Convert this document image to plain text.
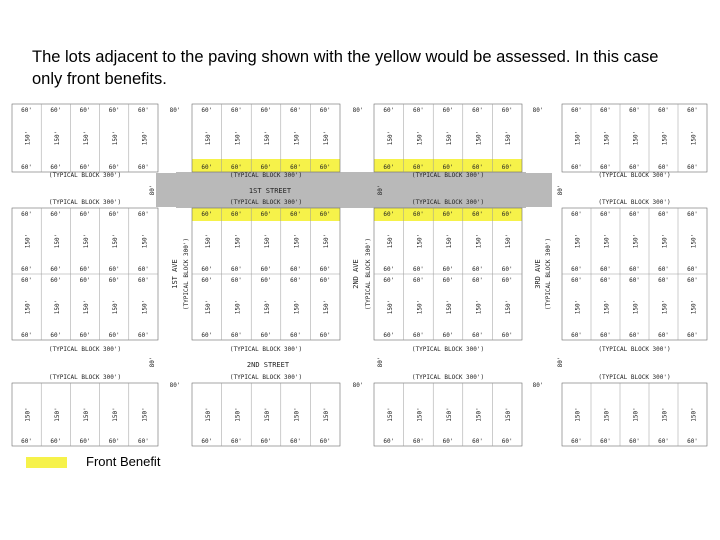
The lots adjacent to the paving shown with the yellow would be assessed. In this case only front benefits.
60'
150'
60'
60'
150'
60'
60'
150'
60'
60'
150'
60'
60'
150'
60'
60'
150'
60'
60'
150'
60'
60'
150'
60'
60'
150'
60'
60'
150'
60'
60'
150'
60'
60'
150'
60'
60'
150'
60'
60'
150'
60'
60'
150'
60'
150'
60'
150'
60'
150'
60'
150'
60'
150'
60'
60'
150'
60'
60'
150'
60'
60'
150'
60'
60'
150'
60'
60'
150'
60'
60'
150'
60'
60'
150'
60'
60'
150'
60'
60'
150'
60'
60'
150'
60'
60'
150'
60'
60'
150'
60'
60'
150'
60'
60'
150'
60'
60'
150'
60'
150'
60'
150'
60'
150'
60'
150'
60'
150'
60'
60'
150'
60'
60'
150'
60'
60'
150'
60'
60'
150'
60'
60'
150'
60'
60'
150'
60'
60'
150'
60'
60'
150'
60'
60'
150'
60'
60'
150'
60'
60'
150'
60'
60'
150'
60'
60'
150'
60'
60'
150'
60'
60'
150'
60'
150'
60'
150'
60'
150'
60'
150'
60'
150'
60'
60'
150'
60'
60'
150'
60'
60'
150'
60'
60'
150'
60'
60'
150'
60'
60'
150'
60'
60'
150'
60'
60'
150'
60'
60'
150'
60'
60'
150'
60'
60'
150'
60'
60'
150'
60'
60'
150'
60'
60'
150'
60'
60'
150'
60'
150'
60'
150'
60'
150'
60'
150'
60'
150'
60'
(TYPICAL BLOCK 300')
(TYPICAL BLOCK 300')
(TYPICAL BLOCK 300')
(TYPICAL BLOCK 300')
(TYPICAL BLOCK 300')
(TYPICAL BLOCK 300')
(TYPICAL BLOCK 300')
(TYPICAL BLOCK 300')
(TYPICAL BLOCK 300')
(TYPICAL BLOCK 300')
(TYPICAL BLOCK 300')
(TYPICAL BLOCK 300')
(TYPICAL BLOCK 300')
(TYPICAL BLOCK 300')
(TYPICAL BLOCK 300')
(TYPICAL BLOCK 300')
(TYPICAL BLOCK 300')	(TYPICAL BLOCK 300')	(TYPICAL BLOCK 300')
1ST STREET
2ND STREET
1ST AVE	2ND AVE	3RD AVE
80'	80'	80'
80'	80'	80'
80'	80'	80'
80'	80'	80'
Front Benefit
